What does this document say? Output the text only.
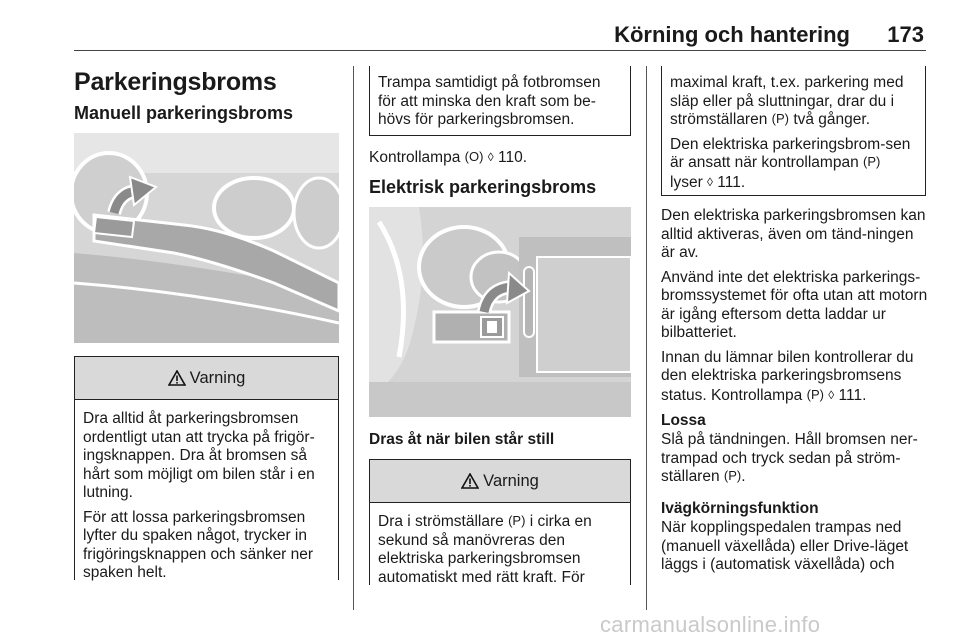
Körning och hantering	173
Parkeringsbroms
Manuell parkeringsbroms
Varning

Dra alltid åt parkeringsbromsen ordentligt utan att trycka på frigör-ingsknappen. Dra åt bromsen så hårt som möjligt om bilen står i en lutning.

För att lossa parkeringsbromsen lyfter du spaken något, trycker in frigöringsknappen och sänker ner spaken helt.

Trampa samtidigt på fotbromsen för att minska den kraft som be-hövs för parkeringsbromsen.

Kontrollampa (O) ◊ 110.
Elektrisk parkeringsbroms
Dras åt när bilen står still
Varning

Dra i strömställare (P) i cirka en sekund så manövreras den elektriska parkeringsbromsen automatiskt med rätt kraft. För

maximal kraft, t.ex. parkering med släp eller på sluttningar, drar du i strömställaren (P) två gånger.

Den elektriska parkeringsbrom-sen är ansatt när kontrollampan (P) lyser ◊ 111.

Den elektriska parkeringsbromsen kan alltid aktiveras, även om tänd-ningen är av.

Använd inte det elektriska parkerings-bromssystemet för ofta utan att motorn är igång eftersom detta laddar ur bilbatteriet.

Innan du lämnar bilen kontrollerar du den elektriska parkeringsbromsens status. Kontrollampa (P) ◊ 111.

Lossa
Slå på tändningen. Håll bromsen ner-trampad och tryck sedan på ström-ställaren (P).
Ivägkörningsfunktion
När kopplingspedalen trampas ned (manuell växellåda) eller Drive-läget läggs i (automatisk växellåda) och
carmanualsonline.info
